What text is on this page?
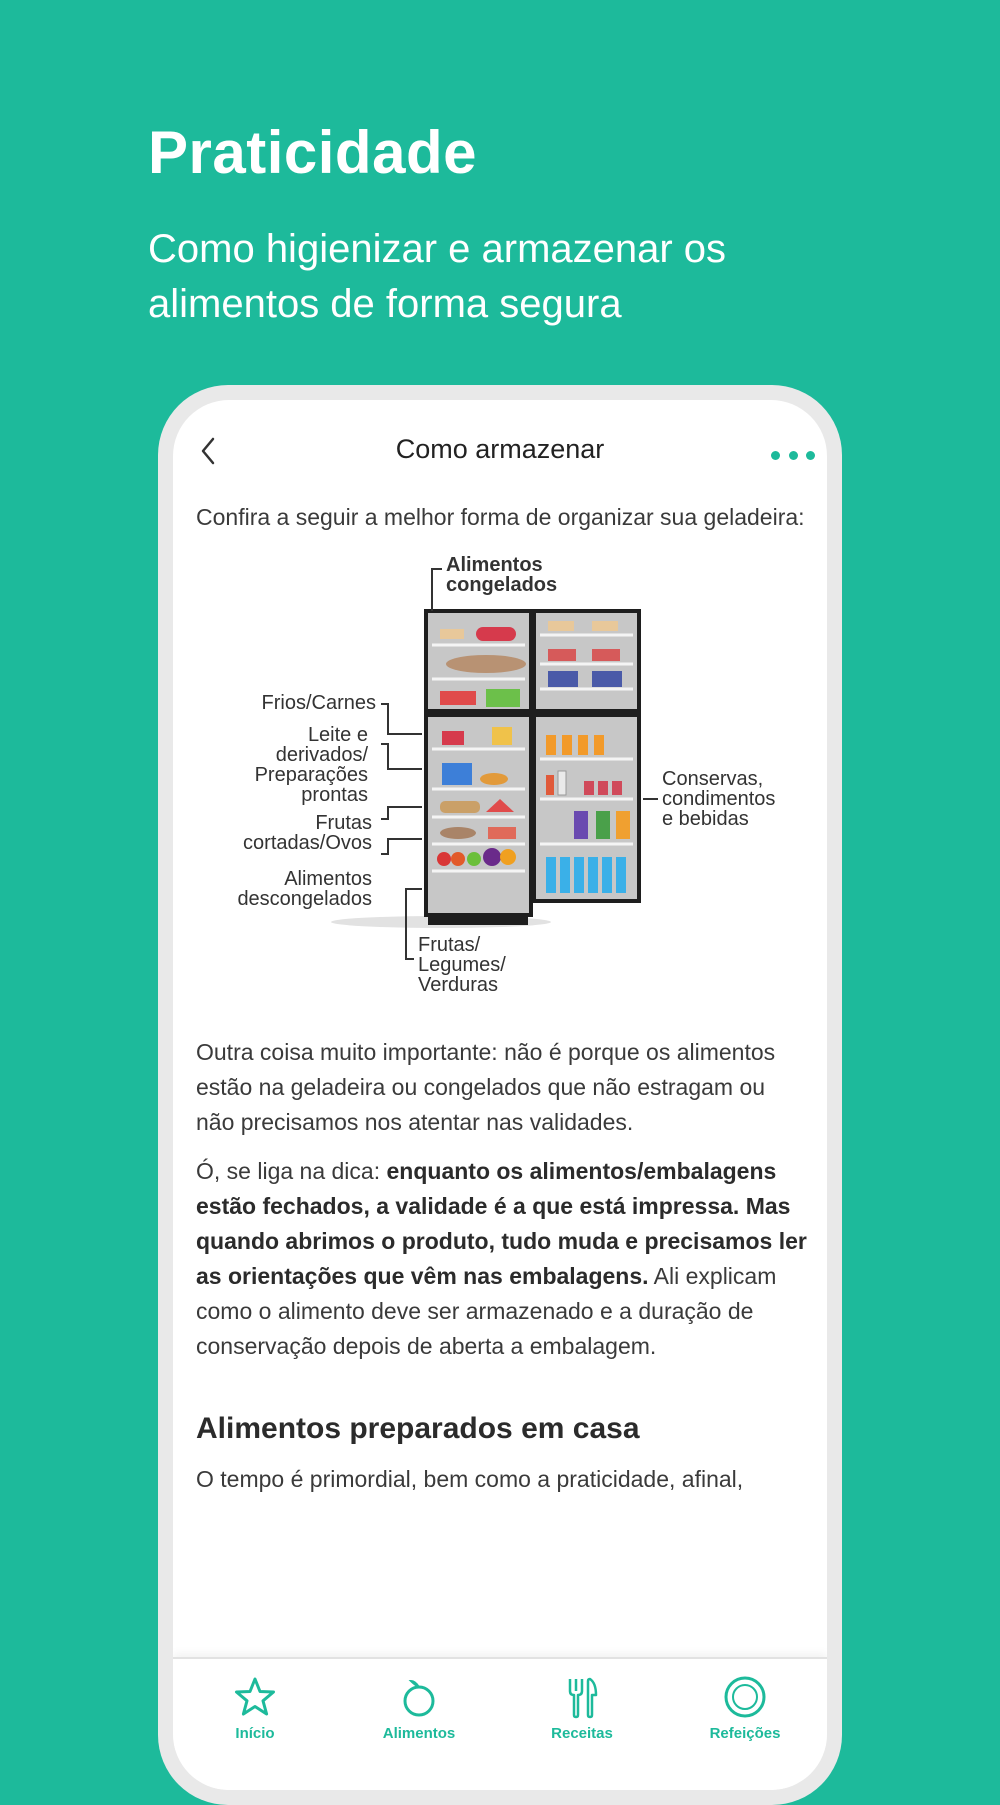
Praticidade

Como higienizar e armazenar os alimentos de forma segura

Como armazenar

Confira a seguir a melhor forma de organizar sua geladeira:

Alimentos
congelados
Frios/Carnes
Leite e
derivados/
Preparações
prontas
Frutas
cortadas/Ovos
Alimentos
descongelados
Frutas/
Legumes/
Verduras
Conservas,
condimentos
e bebidas

Outra coisa muito importante: não é porque os alimentos estão na geladeira ou congelados que não estragam ou não precisamos nos atentar nas validades.

Ó, se liga na dica: enquanto os alimentos/embalagens estão fechados, a validade é a que está impressa. Mas quando abrimos o produto, tudo muda e precisamos ler as orientações que vêm nas embalagens. Ali explicam como o alimento deve ser armazenado e a duração de conservação depois de aberta a embalagem.

Alimentos preparados em casa

O tempo é primordial, bem como a praticidade, afinal,

Início	Alimentos	Receitas	Refeições
